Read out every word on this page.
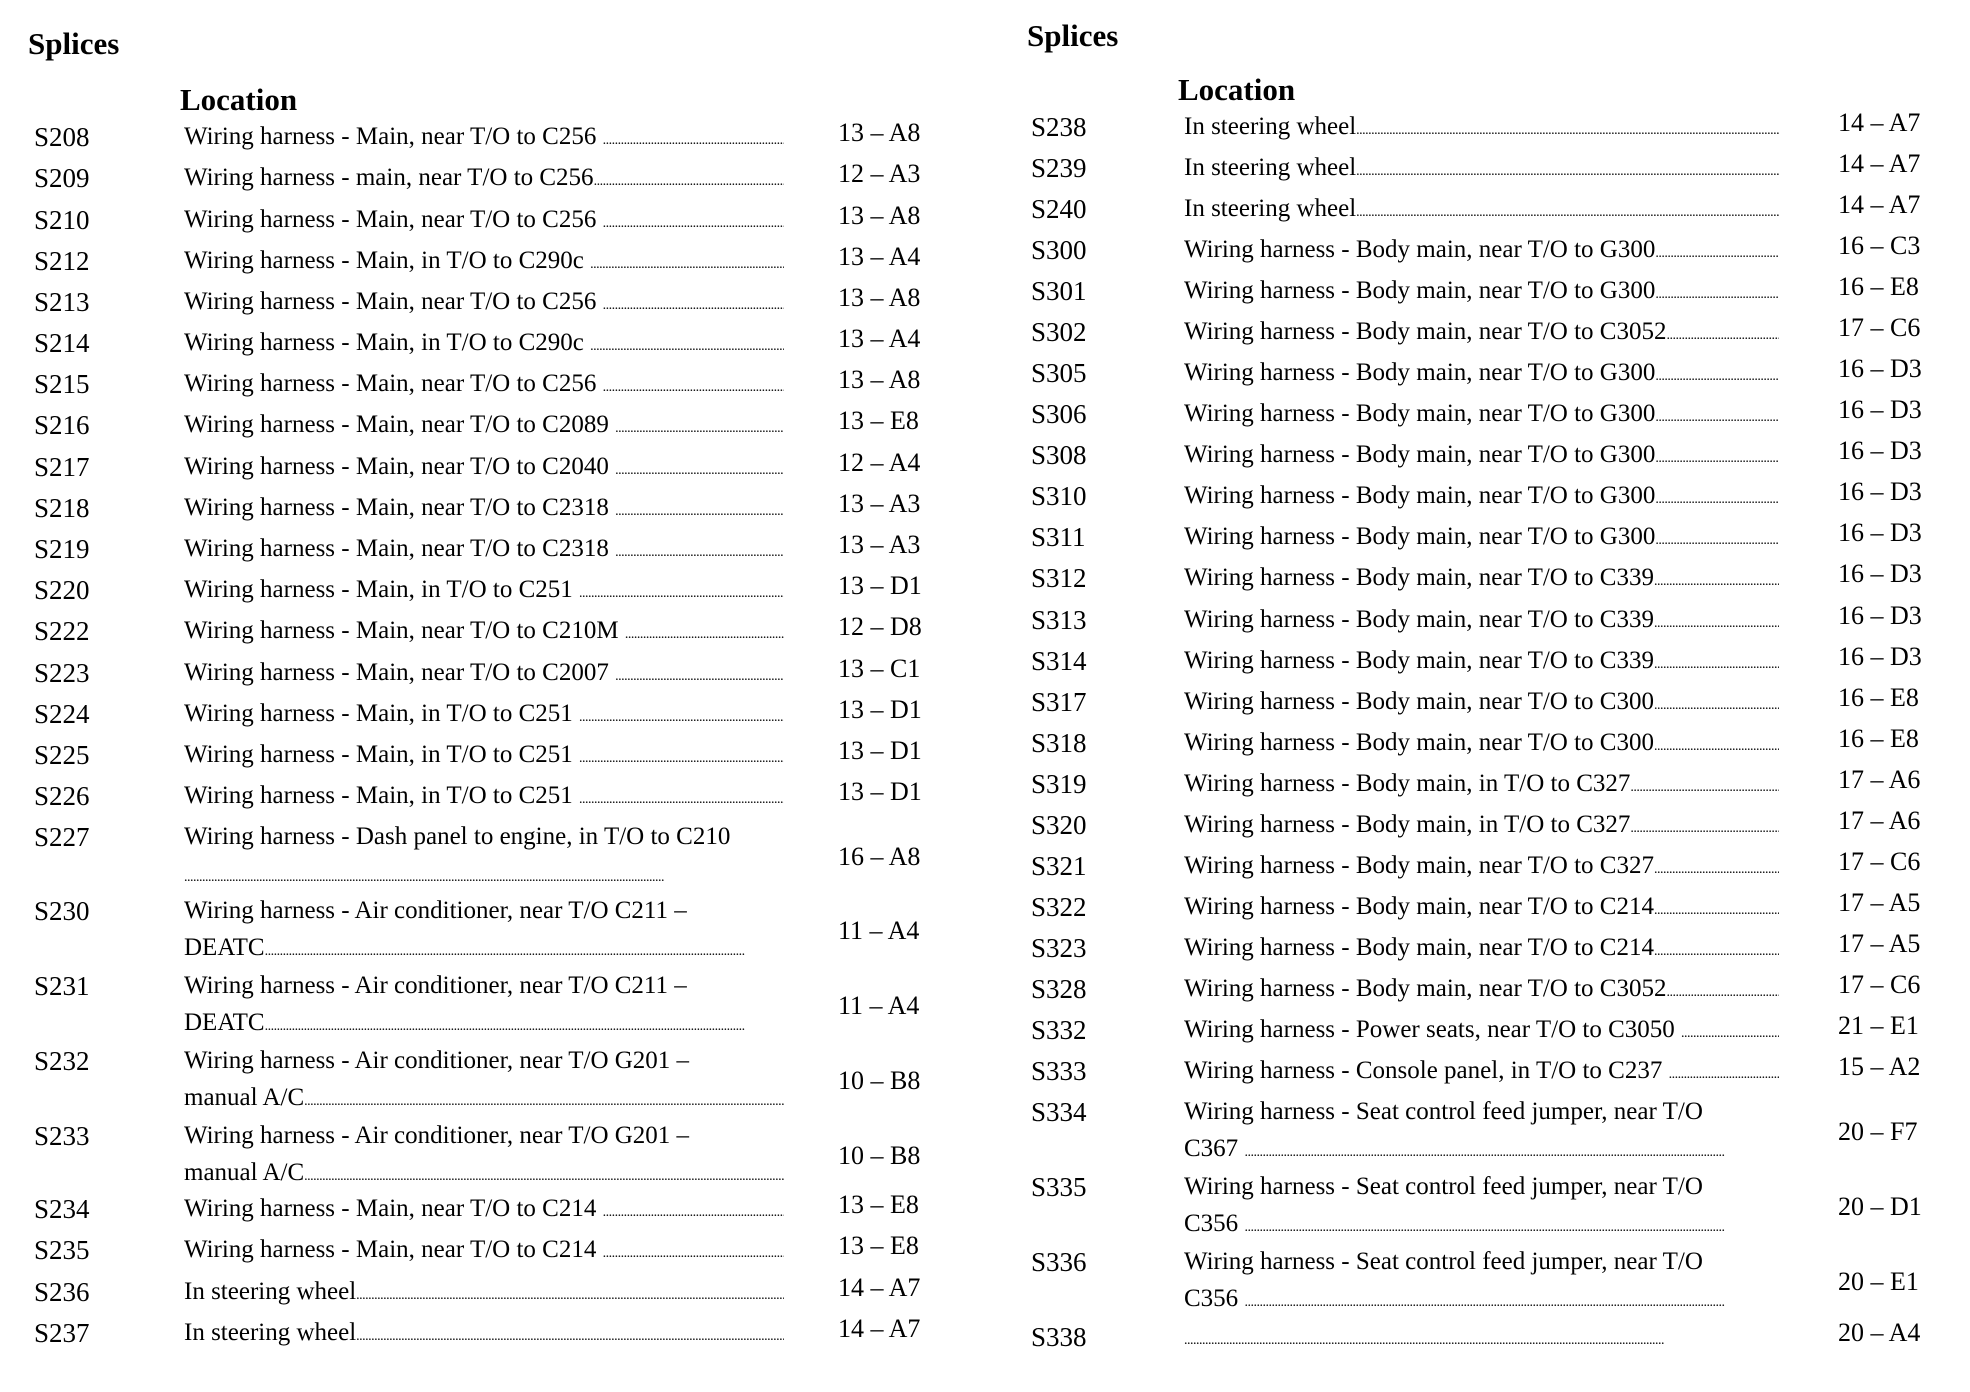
Splices
Location
S208	Wiring harness - Main, near T/O to C256 . . .	13 – A8
S209	Wiring harness - main, near T/O to C256 . . .	12 – A3
S210	Wiring harness - Main, near T/O to C256 . . .	13 – A8
S212	Wiring harness - Main, in T/O to C290c . . .	13 – A4
S213	Wiring harness - Main, near T/O to C256 . . .	13 – A8
S214	Wiring harness - Main, in T/O to C290c . . .	13 – A4
S215	Wiring harness - Main, near T/O to C256 . . .	13 – A8
S216	Wiring harness - Main, near T/O to C2089 . . .	13 – E8
S217	Wiring harness - Main, near T/O to C2040 . . .	12 – A4
S218	Wiring harness - Main, near T/O to C2318 . . .	13 – A3
S219	Wiring harness - Main, near T/O to C2318 . . .	13 – A3
S220	Wiring harness - Main, in T/O to C251 . . .	13 – D1
S222	Wiring harness - Main, near T/O to C210M . . .	12 – D8
S223	Wiring harness - Main, near T/O to C2007 . . .	13 – C1
S224	Wiring harness - Main, in T/O to C251 . . .	13 – D1
S225	Wiring harness - Main, in T/O to C251 . . .	13 – D1
S226	Wiring harness - Main, in T/O to C251 . . .	13 – D1
S227	Wiring harness - Dash panel to engine, in T/O to C210
. . .
16 – A8
S230	Wiring harness - Air conditioner, near T/O C211 –
DEATC
. . .
11 – A4
S231	Wiring harness - Air conditioner, near T/O C211 –
DEATC
. . .
11 – A4
S232	Wiring harness - Air conditioner, near T/O G201 –
manual A/C
. . .
10 – B8
S233	Wiring harness - Air conditioner, near T/O G201 –
manual A/C
. . .
10 – B8
S234	Wiring harness - Main, near T/O to C214 . . .	13 – E8
S235	Wiring harness - Main, near T/O to C214 . . .	13 – E8
S236	In steering wheel . . .	14 – A7
S237	In steering wheel . . .	14 – A7
Splices
Location
S238	In steering wheel . . .	14 – A7
S239	In steering wheel . . .	14 – A7
S240	In steering wheel . . .	14 – A7
S300	Wiring harness - Body main, near T/O to G300 . . .	16 – C3
S301	Wiring harness - Body main, near T/O to G300 . . .	16 – E8
S302	Wiring harness - Body main, near T/O to C3052 . . .	17 – C6
S305	Wiring harness - Body main, near T/O to G300 . . .	16 – D3
S306	Wiring harness - Body main, near T/O to G300 . . .	16 – D3
S308	Wiring harness - Body main, near T/O to G300 . . .	16 – D3
S310	Wiring harness - Body main, near T/O to G300 . . .	16 – D3
S311	Wiring harness - Body main, near T/O to G300 . . .	16 – D3
S312	Wiring harness - Body main, near T/O to C339 . . .	16 – D3
S313	Wiring harness - Body main, near T/O to C339 . . .	16 – D3
S314	Wiring harness - Body main, near T/O to C339 . . .	16 – D3
S317	Wiring harness - Body main, near T/O to C300 . . .	16 – E8
S318	Wiring harness - Body main, near T/O to C300 . . .	16 – E8
S319	Wiring harness - Body main, in T/O to C327 . . .	17 – A6
S320	Wiring harness - Body main, in T/O to C327 . . .	17 – A6
S321	Wiring harness - Body main, near T/O to C327 . . .	17 – C6
S322	Wiring harness - Body main, near T/O to C214 . . .	17 – A5
S323	Wiring harness - Body main, near T/O to C214 . . .	17 – A5
S328	Wiring harness - Body main, near T/O to C3052 . . .	17 – C6
S332	Wiring harness - Power seats, near T/O to C3050 . . .	21 – E1
S333	Wiring harness - Console panel, in T/O to C237 . . .	15 – A2
S334	Wiring harness - Seat control feed jumper, near T/O
C367
. . .
20 – F7
S335	Wiring harness - Seat control feed jumper, near T/O
C356
. . .
20 – D1
S336	Wiring harness - Seat control feed jumper, near T/O
C356
. . .
20 – E1
S338 . . .	20 – A4
